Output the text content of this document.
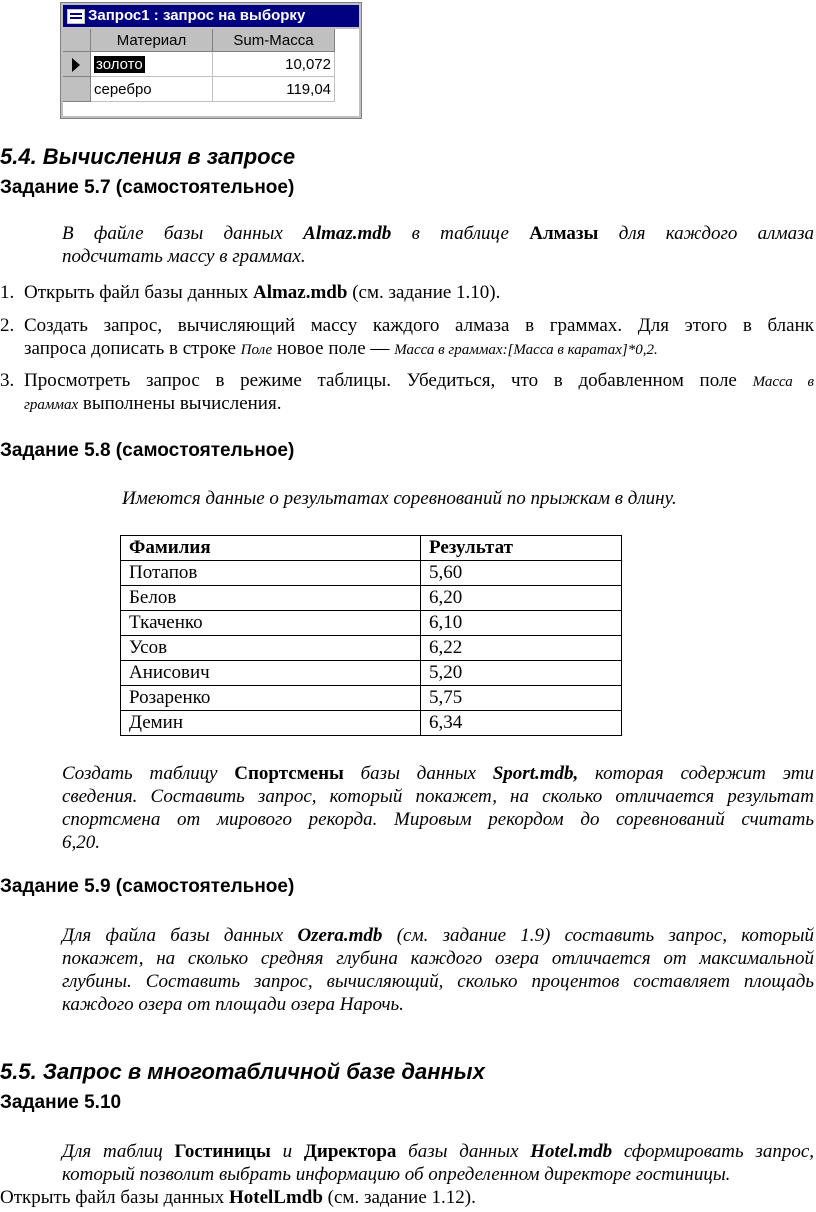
Запрос1 : запрос на выборку
Материал	Sum-Масса
золото	10,072
серебро	119,04
5.4. Вычисления в запросе
Задание 5.7 (самостоятельное)
В файле базы данных Almaz.mdb в таблице Алмазы для каждого алмаза
подсчитать массу в граммах.
1. Открыть файл базы данных Almaz.mdb (см. задание 1.10).
2. Создать запрос, вычисляющий массу каждого алмаза в граммах. Для этого в бланк
запроса дописать в строке Поле новое поле — Масса в граммах:[Масса в каратах]*0,2.
3. Просмотреть запрос в режиме таблицы. Убедиться, что в добавленном поле Масса в
граммах выполнены вычисления.
Задание 5.8 (самостоятельное)
Имеются данные о результатах соревнований по прыжкам в длину.
Фамилия	Результат
Потапов	5,60
Белов	6,20
Ткаченко	6,10
Усов	6,22
Анисович	5,20
Розаренко	5,75
Демин	6,34
Создать таблицу Спортсмены базы данных Sport.mdb, которая содержит эти
сведения. Составить запрос, который покажет, на сколько отличается результат
спортсмена от мирового рекорда. Мировым рекордом до соревнований считать
6,20.
Задание 5.9 (самостоятельное)
Для файла базы данных Ozera.mdb (см. задание 1.9) составить запрос, который
покажет, на сколько средняя глубина каждого озера отличается от максимальной
глубины. Составить запрос, вычисляющий, сколько процентов составляет площадь
каждого озера от площади озера Нарочь.
5.5. Запрос в многотабличной базе данных
Задание 5.10
Для таблиц Гостиницы и Директора базы данных Hotel.mdb сформировать запрос,
который позволит выбрать информацию об определенном директоре гостиницы.
Открыть файл базы данных HotelLmdb (см. задание 1.12).
